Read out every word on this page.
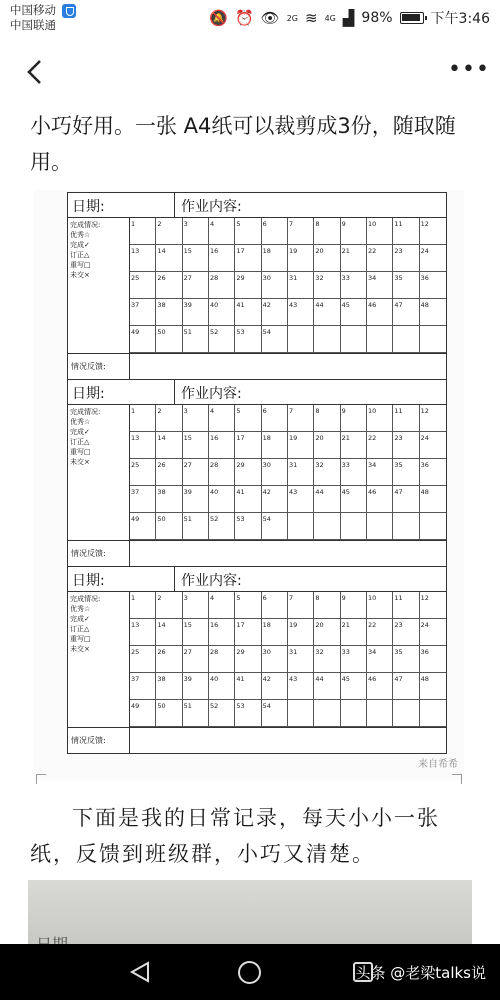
中国移动
中国联通	🔕 ⏰ 👁 2G ≋ 4G ▟ 98%	下午3:46
•••
小巧好用。一张 A4纸可以裁剪成3份，随取随用。
日期:	作业内容:
完成情况:
优秀☆
完成✓
订正△
重写□
未交×
1	2	3	4	5	6	7	8	9	10	11	12
13	14	15	16	17	18	19	20	21	22	23	24
25	26	27	28	29	30	31	32	33	34	35	36
37	38	39	40	41	42	43	44	45	46	47	48
49	50	51	52	53	54
情况反馈:
日期:	作业内容:
完成情况:
优秀☆
完成✓
订正△
重写□
未交×
1	2	3	4	5	6	7	8	9	10	11	12
13	14	15	16	17	18	19	20	21	22	23	24
25	26	27	28	29	30	31	32	33	34	35	36
37	38	39	40	41	42	43	44	45	46	47	48
49	50	51	52	53	54
情况反馈:
日期:	作业内容:
完成情况:
优秀☆
完成✓
订正△
重写□
未交×
1	2	3	4	5	6	7	8	9	10	11	12
13	14	15	16	17	18	19	20	21	22	23	24
25	26	27	28	29	30	31	32	33	34	35	36
37	38	39	40	41	42	43	44	45	46	47	48
49	50	51	52	53	54
情况反馈:
来自希希
下面是我的日常记录，每天小小一张纸，反馈到班级群，小巧又清楚。
头条 @老梁talks说
